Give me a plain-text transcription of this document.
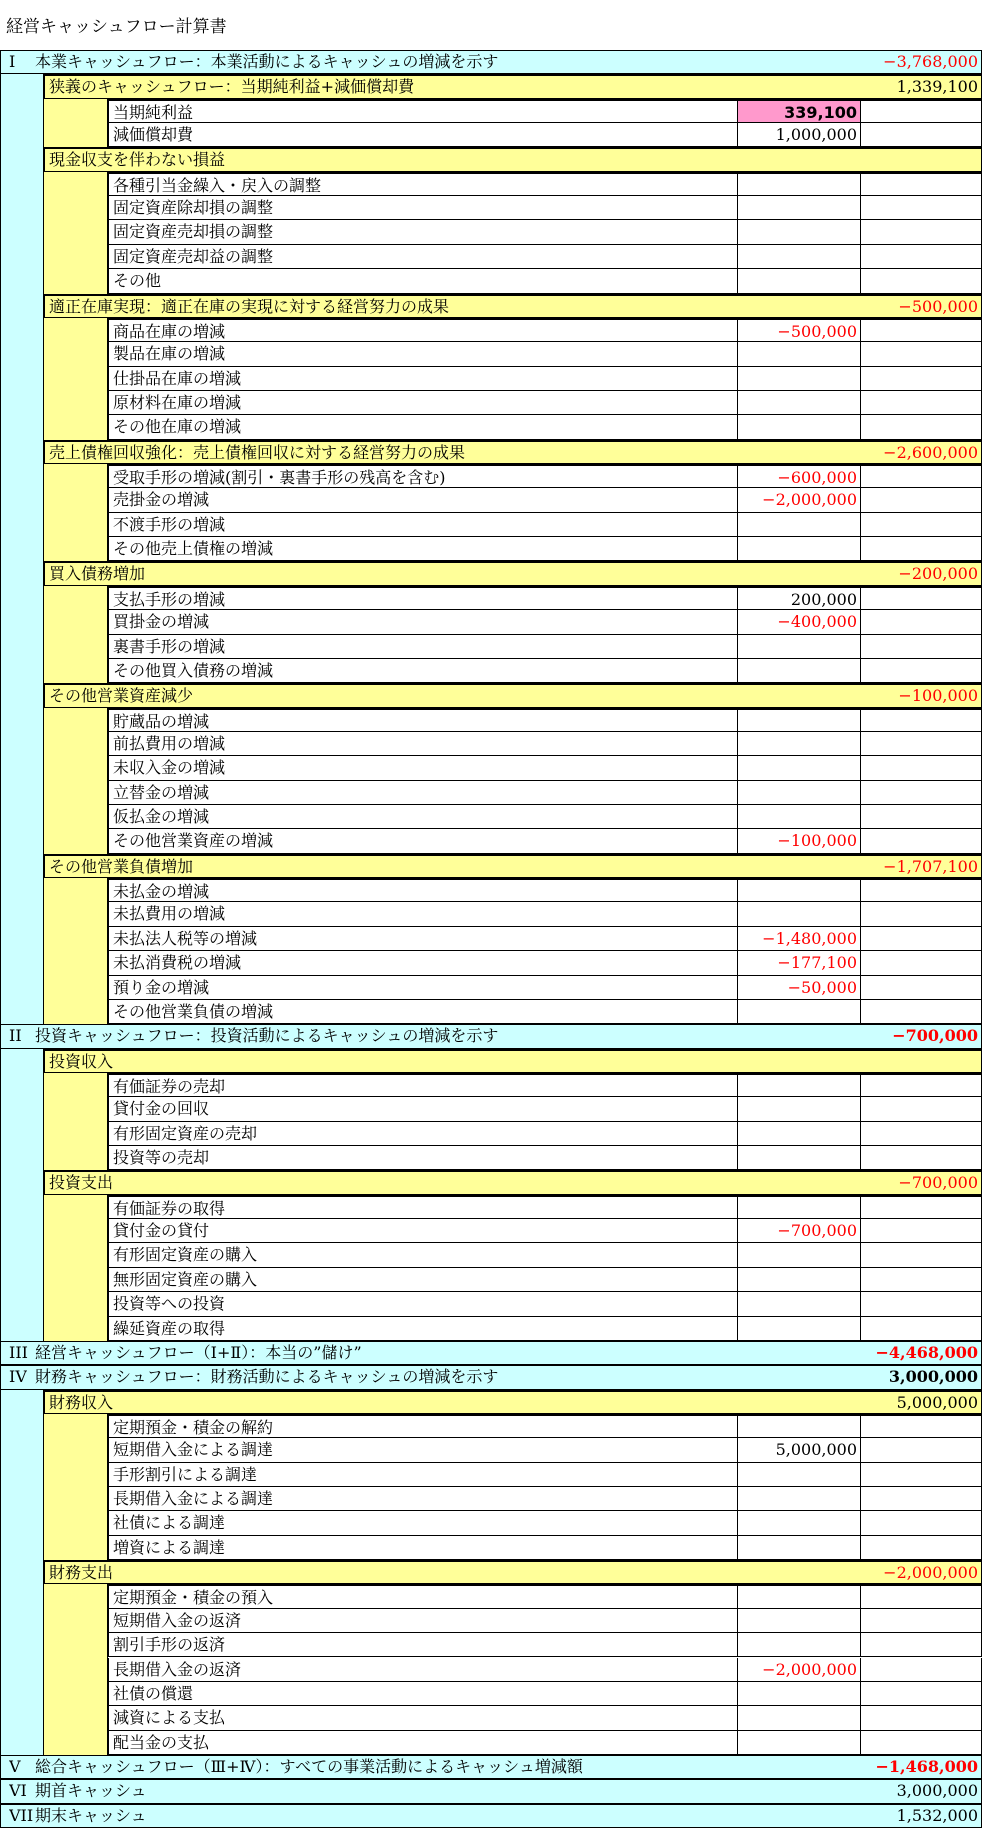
経営キャッシュフロー計算書
I 本業キャッシュフロー：本業活動によるキャッシュの増減を示す	−3,768,000
狭義のキャッシュフロー：当期純利益+減価償却費	1,339,100
当期純利益	339,100
減価償却費	1,000,000
現金収支を伴わない損益
各種引当金繰入・戻入の調整
固定資産除却損の調整
固定資産売却損の調整
固定資産売却益の調整
その他
適正在庫実現：適正在庫の実現に対する経営努力の成果	−500,000
商品在庫の増減	−500,000
製品在庫の増減
仕掛品在庫の増減
原材料在庫の増減
その他在庫の増減
売上債権回収強化：売上債権回収に対する経営努力の成果	−2,600,000
受取手形の増減(割引・裏書手形の残高を含む)	−600,000
売掛金の増減	−2,000,000
不渡手形の増減
その他売上債権の増減
買入債務増加	−200,000
支払手形の増減	200,000
買掛金の増減	−400,000
裏書手形の増減
その他買入債務の増減
その他営業資産減少	−100,000
貯蔵品の増減
前払費用の増減
未収入金の増減
立替金の増減
仮払金の増減
その他営業資産の増減	−100,000
その他営業負債増加	−1,707,100
未払金の増減
未払費用の増減
未払法人税等の増減	−1,480,000
未払消費税の増減	−177,100
預り金の増減	−50,000
その他営業負債の増減
II 投資キャッシュフロー：投資活動によるキャッシュの増減を示す	−700,000
投資収入
有価証券の売却
貸付金の回収
有形固定資産の売却
投資等の売却
投資支出	−700,000
有価証券の取得
貸付金の貸付	−700,000
有形固定資産の購入
無形固定資産の購入
投資等への投資
繰延資産の取得
III 経営キャッシュフロー（Ⅰ+Ⅱ）：本当の”儲け”	−4,468,000
IV 財務キャッシュフロー：財務活動によるキャッシュの増減を示す	3,000,000
財務収入	5,000,000
定期預金・積金の解約
短期借入金による調達	5,000,000
手形割引による調達
長期借入金による調達
社債による調達
増資による調達
財務支出	−2,000,000
定期預金・積金の預入
短期借入金の返済
割引手形の返済
長期借入金の返済	−2,000,000
社債の償還
減資による支払
配当金の支払
V 総合キャッシュフロー（Ⅲ+Ⅳ）：すべての事業活動によるキャッシュ増減額	−1,468,000
VI 期首キャッシュ	3,000,000
VII 期末キャッシュ	1,532,000
